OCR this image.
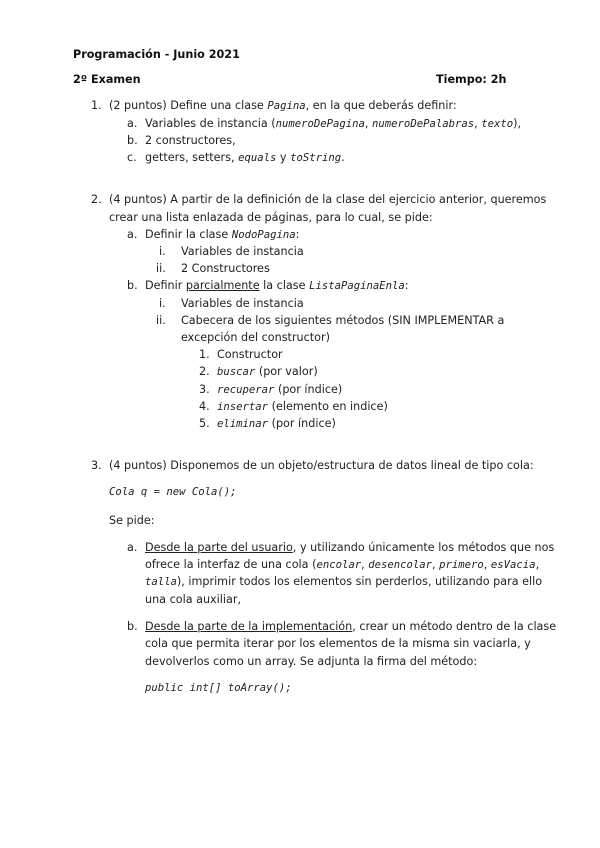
Programación - Junio 2021
2º Examen	Tiempo: 2h
1. (2 puntos) Define una clase Pagina, en la que deberás definir:
a. Variables de instancia (numeroDePagina, numeroDePalabras, texto),
b. 2 constructores,
c. getters, setters, equals y toString.
2. (4 puntos) A partir de la definición de la clase del ejercicio anterior, queremos
crear una lista enlazada de páginas, para lo cual, se pide:
a. Definir la clase NodoPagina:
i. Variables de instancia
ii. 2 Constructores
b. Definir parcialmente la clase ListaPaginaEnla:
i. Variables de instancia
ii. Cabecera de los siguientes métodos (SIN IMPLEMENTAR a
excepción del constructor)
1. Constructor
2. buscar (por valor)
3. recuperar (por índice)
4. insertar (elemento en indice)
5. eliminar (por índice)
3. (4 puntos) Disponemos de un objeto/estructura de datos lineal de tipo cola:
Cola q = new Cola();
Se pide:
a. Desde la parte del usuario, y utilizando únicamente los métodos que nos
ofrece la interfaz de una cola (encolar, desencolar, primero, esVacia,
talla), imprimir todos los elementos sin perderlos, utilizando para ello
una cola auxiliar,
b. Desde la parte de la implementación, crear un método dentro de la clase
cola que permita iterar por los elementos de la misma sin vaciarla, y
devolverlos como un array. Se adjunta la firma del método:
public int[] toArray();
